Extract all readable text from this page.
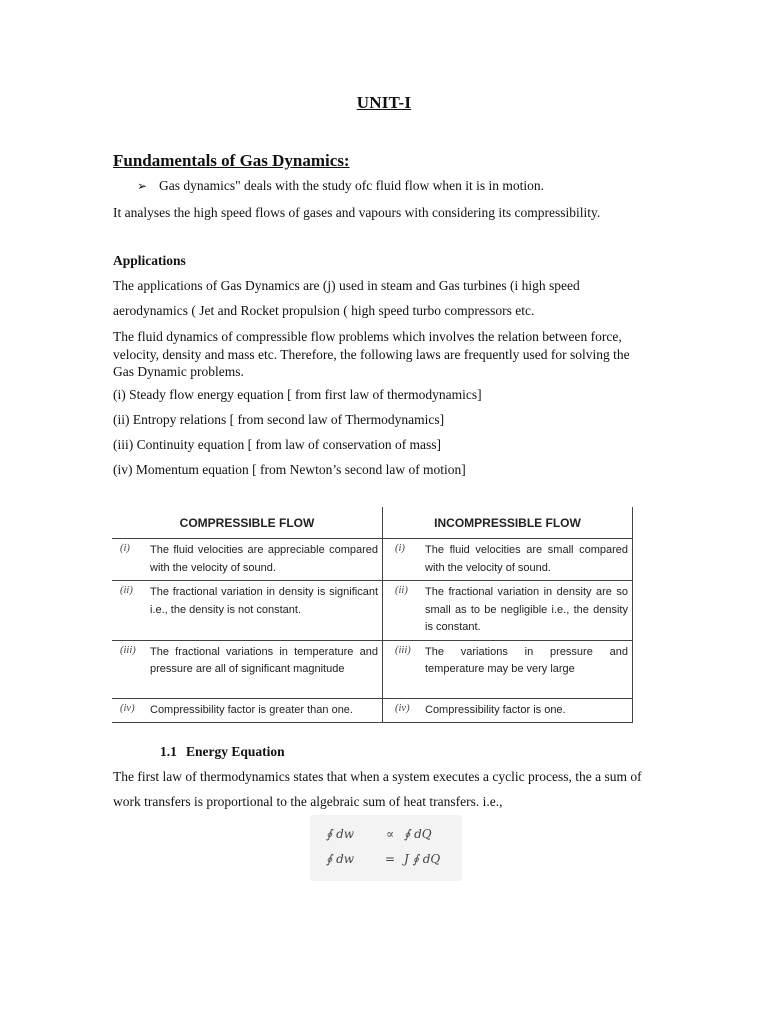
UNIT-I
Fundamentals of Gas Dynamics:
➢ Gas dynamics" deals with the study ofc fluid flow when it is in motion.
It analyses the high speed flows of gases and vapours with considering its compressibility.
Applications
The applications of Gas Dynamics are (j) used in steam and Gas turbines (i high speed aerodynamics ( Jet and Rocket propulsion ( high speed turbo compressors etc.
The fluid dynamics of compressible flow problems which involves the relation between force, velocity, density and mass etc. Therefore, the following laws are frequently used for solving the Gas Dynamic problems.
(i) Steady flow energy equation [ from first law of thermodynamics]
(ii) Entropy relations [ from second law of Thermodynamics]
(iii) Continuity equation [ from law of conservation of mass]
(iv) Momentum equation [ from Newton’s second law of motion]
COMPRESSIBLE FLOW		INCOMPRESSIBLE FLOW	
(i)	The fluid velocities are appreciable compared with the velocity of sound.	(i)	The fluid velocities are small compared with the velocity of sound.
(ii)	The fractional variation in density is significant i.e., the density is not constant.	(ii)	The fractional variation in density are so small as to be negligible i.e., the density is constant.
(iii)	The fractional variations in temperature and pressure are all of significant magnitude	(iii)	The variations in pressure and temperature may be very large
(iv)	Compressibility factor is greater than one.	(iv)	Compressibility factor is one.
1.1 Energy Equation
The first law of thermodynamics states that when a system executes a cyclic process, the a sum of work transfers is proportional to the algebraic sum of heat transfers. i.e.,
∮ dw	∝ ∮ dQ
∮ dw	= J ∮ dQ
